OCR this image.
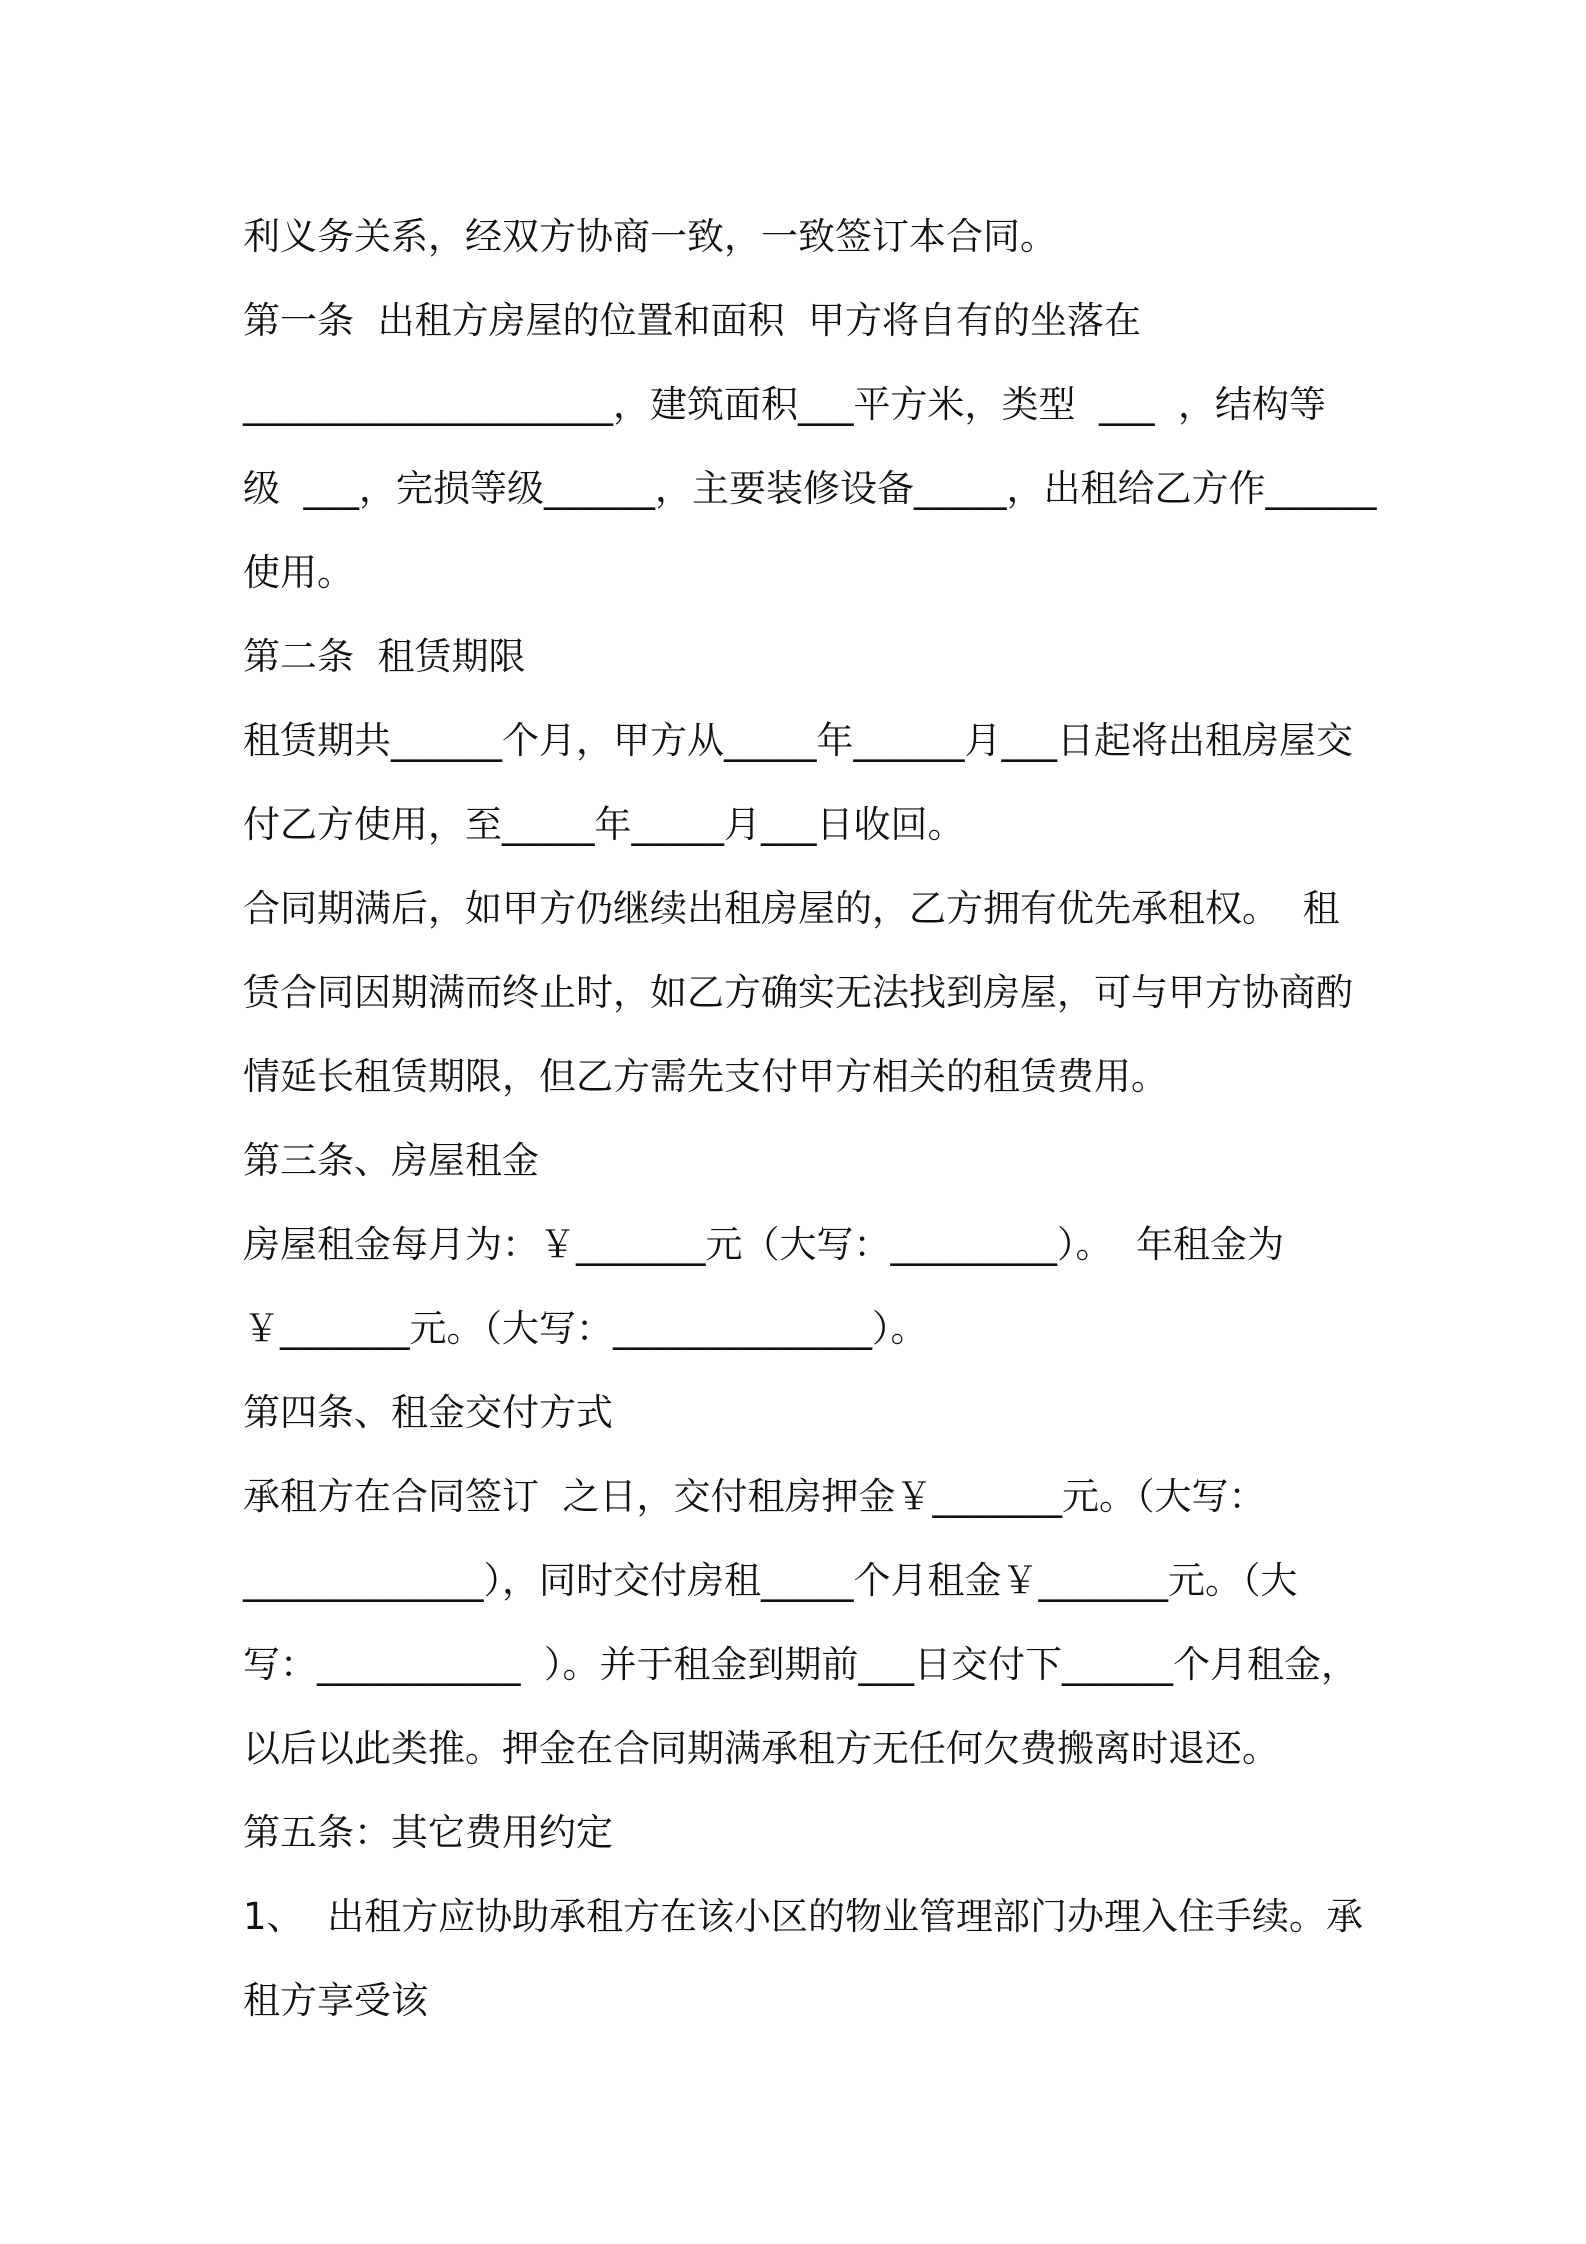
利义务关系，经双方协商一致，一致签订本合同。
第一条  出租方房屋的位置和面积  甲方将自有的坐落在
____________________，建筑面积___平方米，类型  ___  ，结构等
级  ___，完损等级______，主要装修设备_____，出租给乙方作______
使用。
第二条  租赁期限
租赁期共______个月，甲方从_____年______月___日起将出租房屋交
付乙方使用，至_____年_____月___日收回。
合同期满后，如甲方仍继续出租房屋的，乙方拥有优先承租权。  租
赁合同因期满而终止时，如乙方确实无法找到房屋，可与甲方协商酌
情延长租赁期限，但乙方需先支付甲方相关的租赁费用。
第三条、房屋租金
房屋租金每月为：￥_______元（大写：_________）。  年租金为
￥_______元。（大写：______________）。
第四条、租金交付方式
承租方在合同签订  之日，交付租房押金￥_______元。（大写：
_____________），同时交付房租_____个月租金￥_______元。（大
写：___________  ）。并于租金到期前___日交付下______个月租金，
以后以此类推。押金在合同期满承租方无任何欠费搬离时退还。
第五条：其它费用约定
1、  出租方应协助承租方在该小区的物业管理部门办理入住手续。承
租方享受该
